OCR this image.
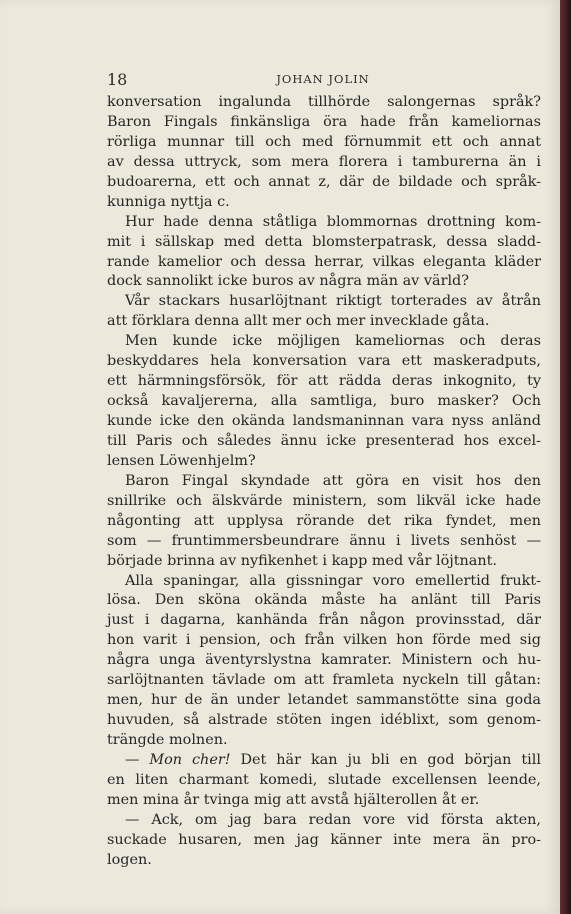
18	JOHAN JOLIN
konversation ingalunda tillhörde salongernas språk?
Baron Fingals finkänsliga öra hade från kameliornas
rörliga munnar till och med förnummit ett och annat
av dessa uttryck, som mera florera i tamburerna än i
budoarerna, ett och annat z, där de bildade och språk-
kunniga nyttja c.
Hur hade denna ståtliga blommornas drottning kom-
mit i sällskap med detta blomsterpatrask, dessa sladd-
rande kamelior och dessa herrar, vilkas eleganta kläder
dock sannolikt icke buros av några män av värld?
Vår stackars husarlöjtnant riktigt torterades av åtrån
att förklara denna allt mer och mer invecklade gåta.
Men kunde icke möjligen kameliornas och deras
beskyddares hela konversation vara ett maskeradputs,
ett härmningsförsök, för att rädda deras inkognito, ty
också kavaljererna, alla samtliga, buro masker? Och
kunde icke den okända landsmaninnan vara nyss anländ
till Paris och således ännu icke presenterad hos excel-
lensen Löwenhjelm?
Baron Fingal skyndade att göra en visit hos den
snillrike och älskvärde ministern, som likväl icke hade
någonting att upplysa rörande det rika fyndet, men
som — fruntimmersbeundrare ännu i livets senhöst —
började brinna av nyfikenhet i kapp med vår löjtnant.
Alla spaningar, alla gissningar voro emellertid frukt-
lösa. Den sköna okända måste ha anlänt till Paris
just i dagarna, kanhända från någon provinsstad, där
hon varit i pension, och från vilken hon förde med sig
några unga äventyrslystna kamrater. Ministern och hu-
sarlöjtnanten tävlade om att framleta nyckeln till gåtan:
men, hur de än under letandet sammanstötte sina goda
huvuden, så alstrade stöten ingen idéblixt, som genom-
trängde molnen.
— Mon cher! Det här kan ju bli en god början till
en liten charmant komedi, slutade excellensen leende,
men mina år tvinga mig att avstå hjälterollen åt er.
— Ack, om jag bara redan vore vid första akten,
suckade husaren, men jag känner inte mera än pro-
logen.
